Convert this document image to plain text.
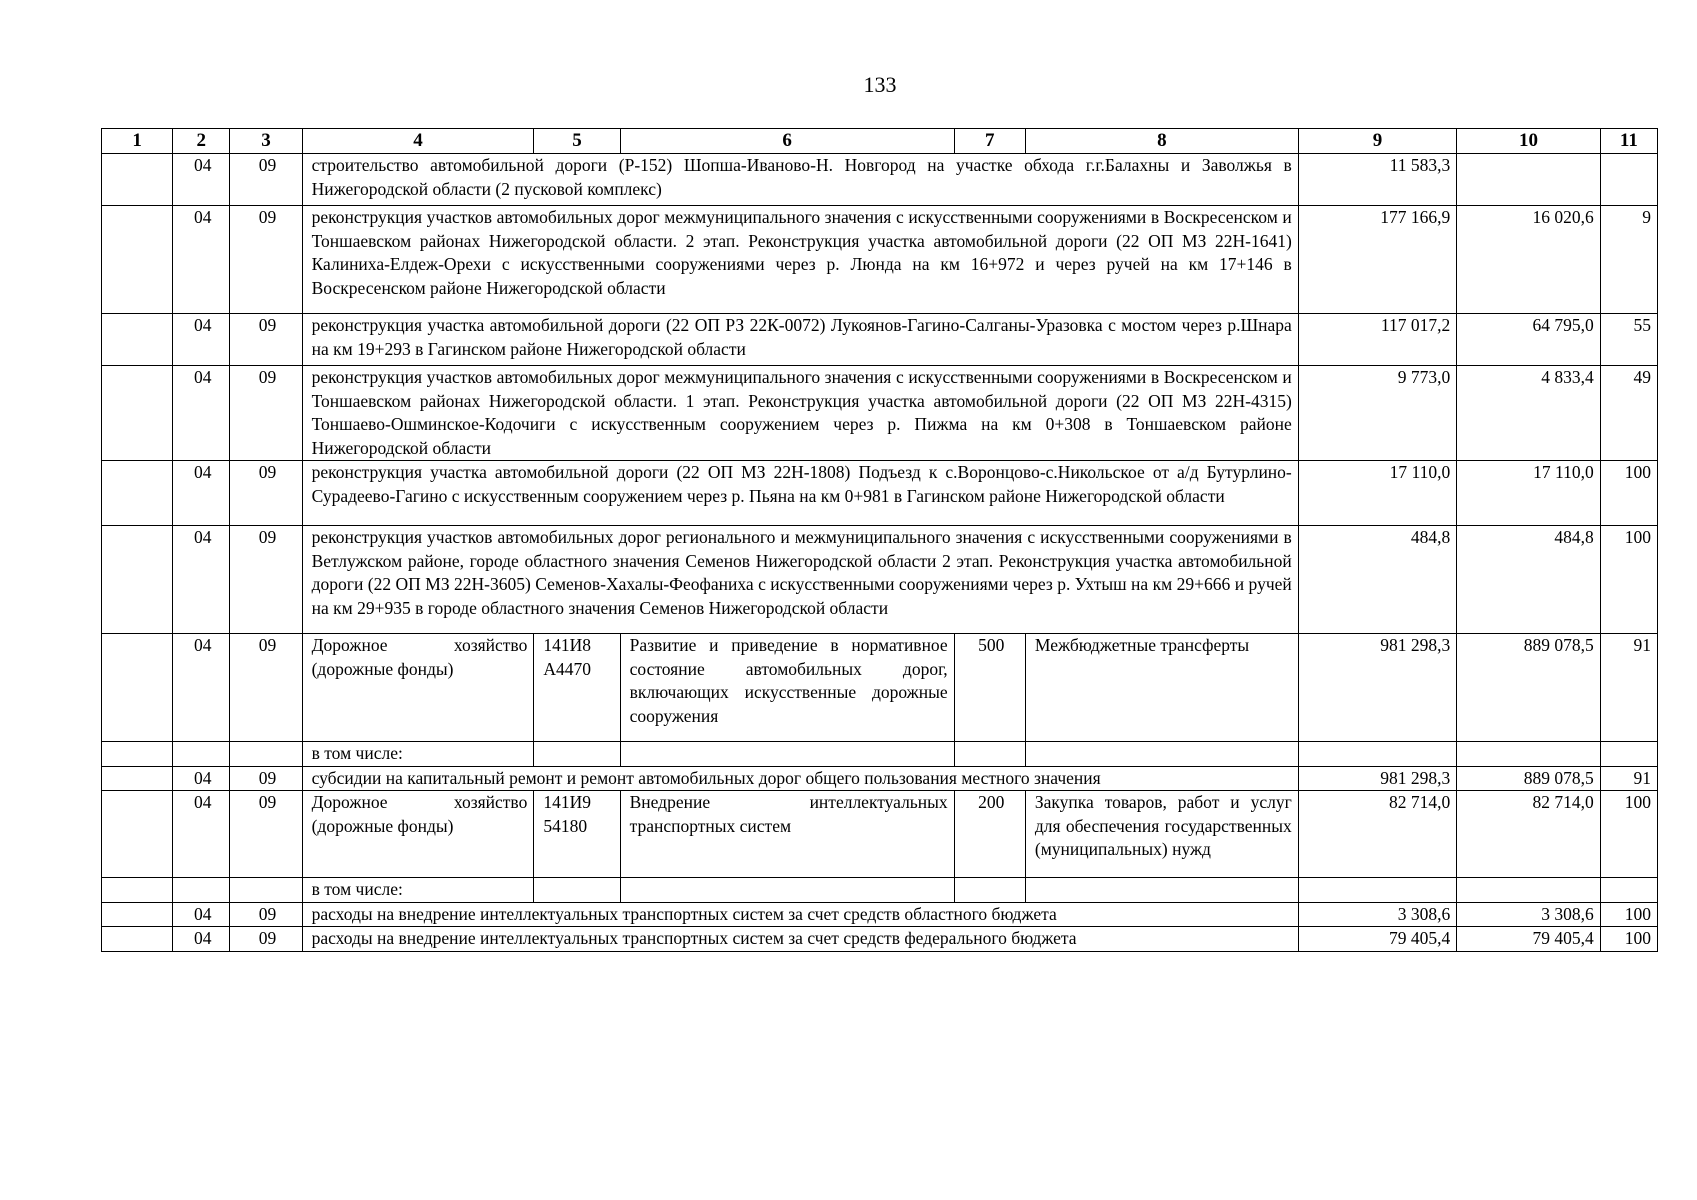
133
1	2	3	4	5	6	7	8	9	10	11
	04	09	строительство автомобильной дороги (Р-152) Шопша-Иваново-Н. Новгород на участке обхода г.г.Балахны и Заволжья в Нижегородской области (2 пусковой комплекс)					11 583,3		
	04	09	реконструкция участков автомобильных дорог межмуниципального значения с искусственными сооружениями в Воскресенском и Тоншаевском районах Нижегородской области. 2 этап. Реконструкция участка автомобильной дороги (22 ОП МЗ 22Н-1641) Калиниха-Елдеж-Орехи с искусственными сооружениями через р. Люнда на км 16+972 и через ручей на км 17+146 в Воскресенском районе Нижегородской области					177 166,9	16 020,6	9
	04	09	реконструкция участка автомобильной дороги (22 ОП РЗ 22К-0072) Лукоянов-Гагино-Салганы-Уразовка с мостом через р.Шнара на км 19+293 в Гагинском районе Нижегородской области					117 017,2	64 795,0	55
	04	09	реконструкция участков автомобильных дорог межмуниципального значения с искусственными сооружениями в Воскресенском и Тоншаевском районах Нижегородской области. 1 этап. Реконструкция участка автомобильной дороги (22 ОП МЗ 22Н-4315) Тоншаево-Ошминское-Кодочиги с искусственным сооружением через р. Пижма на км 0+308 в Тоншаевском районе Нижегородской области					9 773,0	4 833,4	49
	04	09	реконструкция участка автомобильной дороги (22 ОП МЗ 22Н-1808) Подъезд к с.Воронцово-с.Никольское от а/д Бутурлино-Сурадеево-Гагино с искусственным сооружением через р. Пьяна на км 0+981 в Гагинском районе Нижегородской области					17 110,0	17 110,0	100
	04	09	реконструкция участков автомобильных дорог регионального и межмуниципального значения с искусственными сооружениями в Ветлужском районе, городе областного значения Семенов Нижегородской области 2 этап. Реконструкция участка автомобильной дороги (22 ОП МЗ 22Н-3605) Семенов-Хахалы-Феофаниха с искусственными сооружениями через р. Ухтыш на км 29+666 и ручей на км 29+935 в городе областного значения Семенов Нижегородской области					484,8	484,8	100
	04	09	Дорожное хозяйство (дорожные фонды)	141И8 А4470	Развитие и приведение в нормативное состояние автомобильных дорог, включающих искусственные дорожные сооружения	500	Межбюджетные трансферты	981 298,3	889 078,5	91
			в том числе:							
	04	09	субсидии на капитальный ремонт и ремонт автомобильных дорог общего пользования местного значения					981 298,3	889 078,5	91
	04	09	Дорожное хозяйство (дорожные фонды)	141И9 54180	Внедрение интеллектуальных транспортных систем	200	Закупка товаров, работ и услуг для обеспечения государственных (муниципальных) нужд	82 714,0	82 714,0	100
			в том числе:							
	04	09	расходы на внедрение интеллектуальных транспортных систем за счет средств областного бюджета					3 308,6	3 308,6	100
	04	09	расходы на внедрение интеллектуальных транспортных систем за счет средств федерального бюджета					79 405,4	79 405,4	100
